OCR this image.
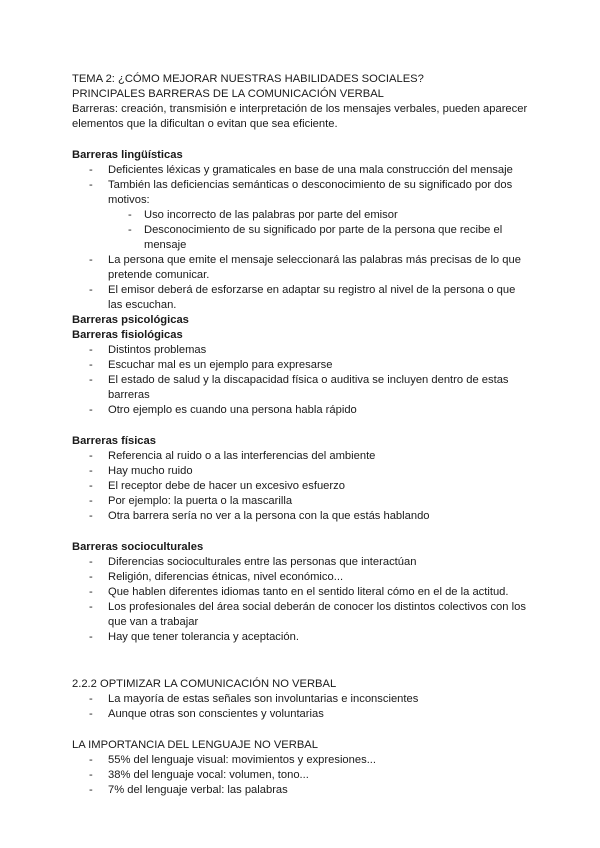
TEMA 2: ¿CÓMO MEJORAR NUESTRAS HABILIDADES SOCIALES?
PRINCIPALES BARRERAS DE LA COMUNICACIÓN VERBAL
Barreras: creación, transmisión e interpretación de los mensajes verbales, pueden aparecer
elementos que la dificultan o evitan que sea eficiente.
Barreras lingüísticas
- Deficientes léxicas y gramaticales en base de una mala construcción del mensaje
- También las deficiencias semánticas o desconocimiento de su significado por dos
motivos:
- Uso incorrecto de las palabras por parte del emisor
- Desconocimiento de su significado por parte de la persona que recibe el
mensaje
- La persona que emite el mensaje seleccionará las palabras más precisas de lo que
pretende comunicar.
- El emisor deberá de esforzarse en adaptar su registro al nivel de la persona o que
las escuchan.
Barreras psicológicas
Barreras fisiológicas
- Distintos problemas
- Escuchar mal es un ejemplo para expresarse
- El estado de salud y la discapacidad física o auditiva se incluyen dentro de estas
barreras
- Otro ejemplo es cuando una persona habla rápido
Barreras físicas
- Referencia al ruido o a las interferencias del ambiente
- Hay mucho ruido
- El receptor debe de hacer un excesivo esfuerzo
- Por ejemplo: la puerta o la mascarilla
- Otra barrera sería no ver a la persona con la que estás hablando
Barreras socioculturales
- Diferencias socioculturales entre las personas que interactúan
- Religión, diferencias étnicas, nivel económico...
- Que hablen diferentes idiomas tanto en el sentido literal cómo en el de la actitud.
- Los profesionales del área social deberán de conocer los distintos colectivos con los
que van a trabajar
- Hay que tener tolerancia y aceptación.
2.2.2 OPTIMIZAR LA COMUNICACIÓN NO VERBAL
- La mayoría de estas señales son involuntarias e inconscientes
- Aunque otras son conscientes y voluntarias
LA IMPORTANCIA DEL LENGUAJE NO VERBAL
- 55% del lenguaje visual: movimientos y expresiones...
- 38% del lenguaje vocal: volumen, tono...
- 7% del lenguaje verbal: las palabras
